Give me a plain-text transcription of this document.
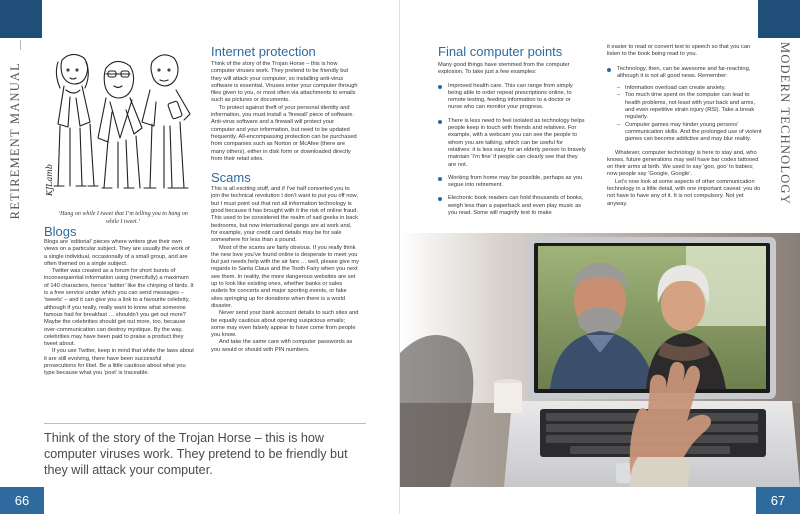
RETIREMENT MANUAL	KJLamb
‘Hang on while I tweet that I’m telling you to hang on while I tweet.’
Blogs

Blogs are ‘editorial’ pieces where writers give their own views on a particular subject. They are usually the work of a single individual, occasionally of a small group, and are often themed on a single subject.

Twitter was created as a forum for short bursts of inconsequential information using (mercifully) a maximum of 140 characters, hence ‘twitter’ like the chirping of birds. It is a free service under which you can send messages – ‘tweets’ – and it can give you a link to a favourite celebrity, although if you really, really want to know what someone famous had for breakfast … shouldn’t you get out more? Maybe the celebrities should get out more, too, because over-communication can destroy mystique. By the way, celebrities may have been paid to praise a product they tweet about.

If you use Twitter, keep in mind that while the laws about it are still evolving, there have been successful prosecutions for libel. Be a little cautious about what you type because what you ‘post’ is traceable.

Internet protection

Think of the story of the Trojan Horse – this is how computer viruses work. They pretend to be friendly but they will attack your computer, so installing anti-virus software is essential. Viruses enter your computer through files given to you, or most often via attachments to emails such as pictures or documents.

To protect against theft of your personal identity and information, you must install a ‘firewall’ piece of software. Anti-virus software and a firewall will protect your computer and your information, but need to be updated frequently. All-encompassing protection can be purchased from companies such as Norton or McAfee (there are many others), either in disk form or downloaded directly from their retail sites.

Scams

This is all exciting stuff, and if I’ve half converted you to join the technical revolution I don’t want to put you off now, but I must point out that not all information technology is good because it has brought with it the risk of online fraud. This used to be considered the realm of sad geeks in back bedrooms, but now international gangs are at work and, for example, your credit card details may be for sale somewhere for less than a pound.

Most of the scams are fairly obvious. If you really think the new love you’ve found online is desperate to meet you but just needs help with the air fare … well, please give my regards to Santa Claus and the Tooth Fairy when you next see them. In reality, the more dangerous websites are set up to look like existing ones, whether banks or sales outlets for concerts and major sporting events, or fake sites springing up for donations when there is a world disaster.

Never send your bank account details to such sites and be equally cautious about opening suspicious emails; some may even falsely appear to have come from people you know.

And take the same care with computer passwords as you would or should with PIN numbers.

Think of the story of the Trojan Horse – this is how computer viruses work. They pretend to be friendly but they will attack your computer.
66
MODERN TECHNOLOGY
Final computer points

Many good things have stemmed from the computer explosion. To take just a few examples:

Improved health care. This can range from simply being able to order repeat prescriptions online, to remote testing, feeding information to a doctor or nurse who can monitor your progress.
There is less need to feel isolated as technology helps people keep in touch with friends and relatives. For example, with a webcam you can see the people to whom you are talking, which can be useful for relatives: it is less easy for an elderly person to bravely maintain ‘I’m fine’ if people can clearly see that they are not.
Working from home may be possible, perhaps as you segue into retirement.
Electronic book readers can hold thousands of books, weigh less than a paperback and even play music as you read. Some will magnify text to make

it easier to read or convert text to speech so that you can listen to the book being read to you.

Technology, then, can be awesome and far-reaching, although it is not all good news. Remember:
– Information overload can create anxiety.
– Too much time spent on the computer can lead to health problems, not least with your back and arms, and even repetitive strain injury (RSI). Take a break regularly.
– Computer games may hinder young persons’ communication skills. And the prolonged use of violent games can become addictive and may blur reality.

Whatever, computer technology is here to stay and, who knows, future generations may well have bar codes tattooed on their arms at birth. We used to say ‘goo, goo’ to babies; now people say ‘Google, Google’.

Let’s now look at some aspects of other communication technology in a little detail, with one important caveat: you do not have to have any of it. It is not compulsory. Not yet anyway.

67
